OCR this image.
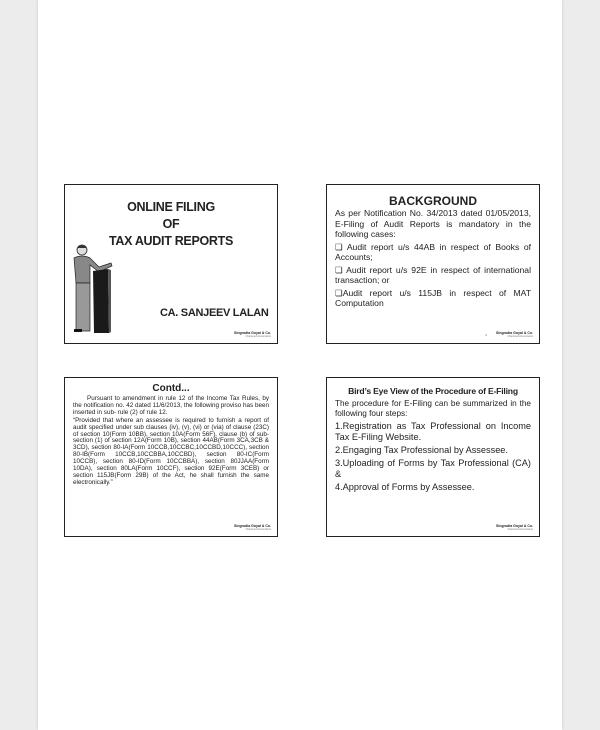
ONLINE FILING
OF
TAX AUDIT REPORTS
CA. SANJEEV LALAN
Singrodia Goyal & Co.
Chartered Accountants
BACKGROUND

As per Notification No. 34/2013 dated 01/05/2013, E-Filing of Audit Reports is mandatory in the following cases:

❏ Audit report u/s 44AB in respect of Books of Accounts;

❏ Audit report u/s 92E in respect of international transaction; or

❏Audit report u/s 115JB in respect of MAT Computation

2	Singrodia Goyal & Co.
Chartered Accountants
Contd...

Pursuant to amendment in rule 12 of the Income Tax Rules, by the notification no. 42 dated 11/6/2013, the following proviso has been inserted in sub- rule (2) of rule 12.

“Provided that where an assessee is required to furnish a report of audit specified under sub clauses (iv), (v), (vi) or (via) of clause (23C) of section 10(Form 10BB), section 10A(Form 56F), clause (b) of sub-section (1) of section 12A(Form 10B), section 44AB(Form 3CA,3CB & 3CD), section 80-IA(Form 10CCB,10CCBC,10CCBD,10CCC), section 80-IB(Form 10CCB,10CCBBA,10CCBD), section 80-IC(Form 10CCB), section 80-ID(Form 10CCBBA), section 80JJAA(Form 10DA), section 80LA(Form 10CCF), section 92E(Form 3CEB) or section 115JB(Form 29B) of the Act, he shall furnish the same electronically.”

Singrodia Goyal & Co.
Chartered Accountants
Bird’s Eye View of the Procedure of E-Filing

The procedure for E-Filing can be summarized in the following four steps:

1.Registration as Tax Professional on Income Tax E-Filing Website.

2.Engaging Tax Professional by Assessee.

3.Uploading of Forms by Tax Professional (CA) &

4.Approval of Forms by Assessee.

Singrodia Goyal & Co.
Chartered Accountants
